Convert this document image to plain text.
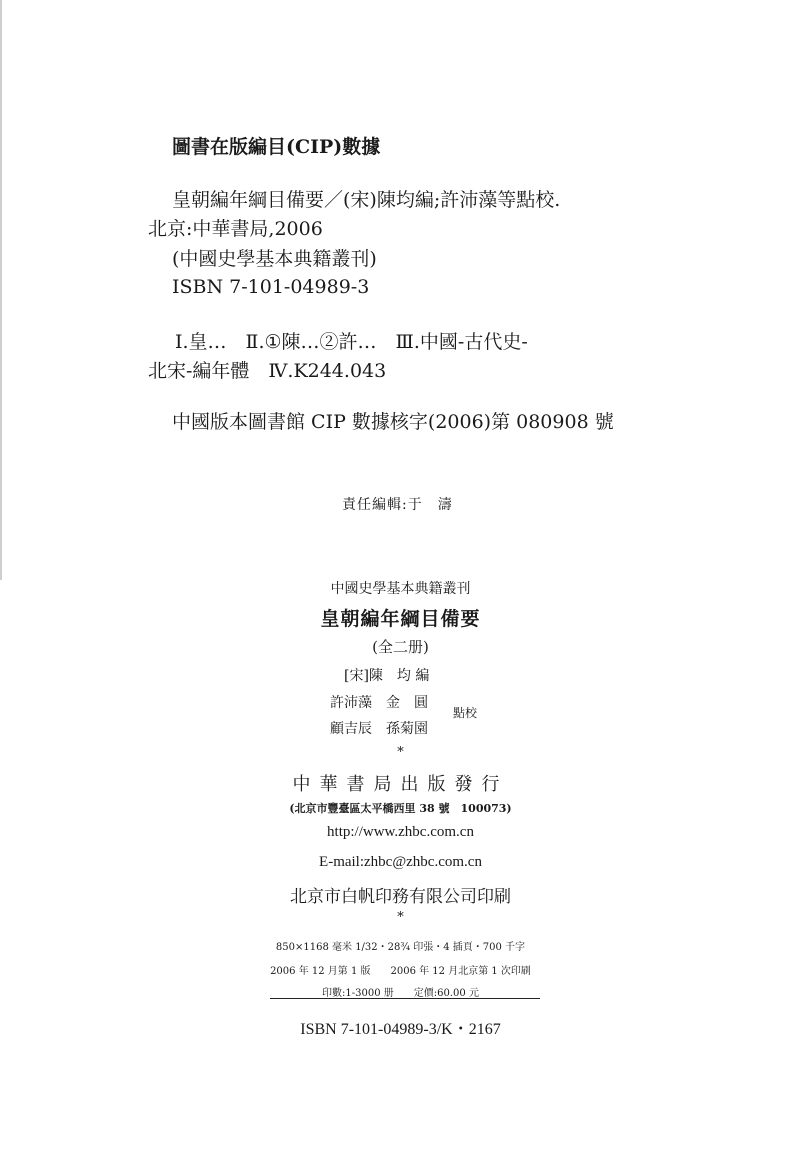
圖書在版編目(CIP)數據
皇朝編年綱目備要／(宋)陳均編;許沛藻等點校.
北京:中華書局,2006
(中國史學基本典籍叢刊)
ISBN 7-101-04989-3
Ⅰ.皇…　Ⅱ.①陳…②許…　Ⅲ.中國-古代史-
北宋-編年體　Ⅳ.K244.043
中國版本圖書館 CIP 數據核字(2006)第 080908 號
責任編輯:于　濤
中國史學基本典籍叢刊
皇朝編年綱目備要
(全二册)
[宋]陳　均 編
許沛藻　金　圓
顧吉辰　孫菊園
點校
*
中華書局出版發行
(北京市豐臺區太平橋西里 38 號　100073)
http://www.zhbc.com.cn
E-mail:zhbc@zhbc.com.cn
北京市白帆印務有限公司印刷
*
850×1168 毫米 1/32・28¾ 印張・4 插頁・700 千字
2006 年 12 月第 1 版　　2006 年 12 月北京第 1 次印刷
印數:1-3000 册　　定價:60.00 元
ISBN 7-101-04989-3/K・2167
